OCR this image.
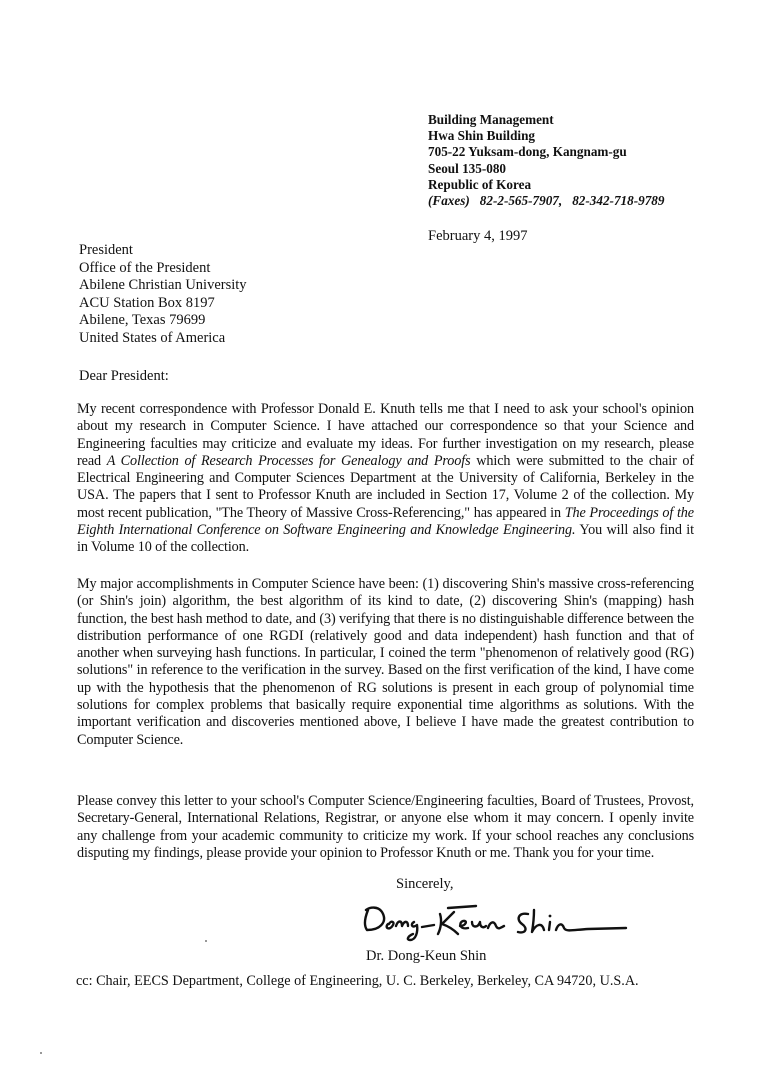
Building Management
Hwa Shin Building
705-22 Yuksam-dong, Kangnam-gu
Seoul 135-080
Republic of Korea
(Faxes) 82-2-565-7907, 82-342-718-9789
February 4, 1997
President
Office of the President
Abilene Christian University
ACU Station Box 8197
Abilene, Texas 79699
United States of America
Dear President:
My recent correspondence with Professor Donald E. Knuth tells me that I need to ask your school's opinion about my research in Computer Science. I have attached our correspondence so that your Science and Engineering faculties may criticize and evaluate my ideas. For further investigation on my research, please read A Collection of Research Processes for Genealogy and Proofs which were submitted to the chair of Electrical Engineering and Computer Sciences Department at the University of California, Berkeley in the USA. The papers that I sent to Professor Knuth are included in Section 17, Volume 2 of the collection. My most recent publication, "The Theory of Massive Cross-Referencing," has appeared in The Proceedings of the Eighth International Conference on Software Engineering and Knowledge Engineering. You will also find it in Volume 10 of the collection.
My major accomplishments in Computer Science have been: (1) discovering Shin's massive cross-referencing (or Shin's join) algorithm, the best algorithm of its kind to date, (2) discovering Shin's (mapping) hash function, the best hash method to date, and (3) verifying that there is no distinguishable difference between the distribution performance of one RGDI (relatively good and data independent) hash function and that of another when surveying hash functions. In particular, I coined the term "phenomenon of relatively good (RG) solutions" in reference to the verification in the survey. Based on the first verification of the kind, I have come up with the hypothesis that the phenomenon of RG solutions is present in each group of polynomial time solutions for complex problems that basically require exponential time algorithms as solutions. With the important verification and discoveries mentioned above, I believe I have made the greatest contribution to Computer Science.
Please convey this letter to your school's Computer Science/Engineering faculties, Board of Trustees, Provost, Secretary-General, International Relations, Registrar, or anyone else whom it may concern. I openly invite any challenge from your academic community to criticize my work. If your school reaches any conclusions disputing my findings, please provide your opinion to Professor Knuth or me. Thank you for your time.
Sincerely,
Dr. Dong-Keun Shin
cc: Chair, EECS Department, College of Engineering, U. C. Berkeley, Berkeley, CA 94720, U.S.A.
